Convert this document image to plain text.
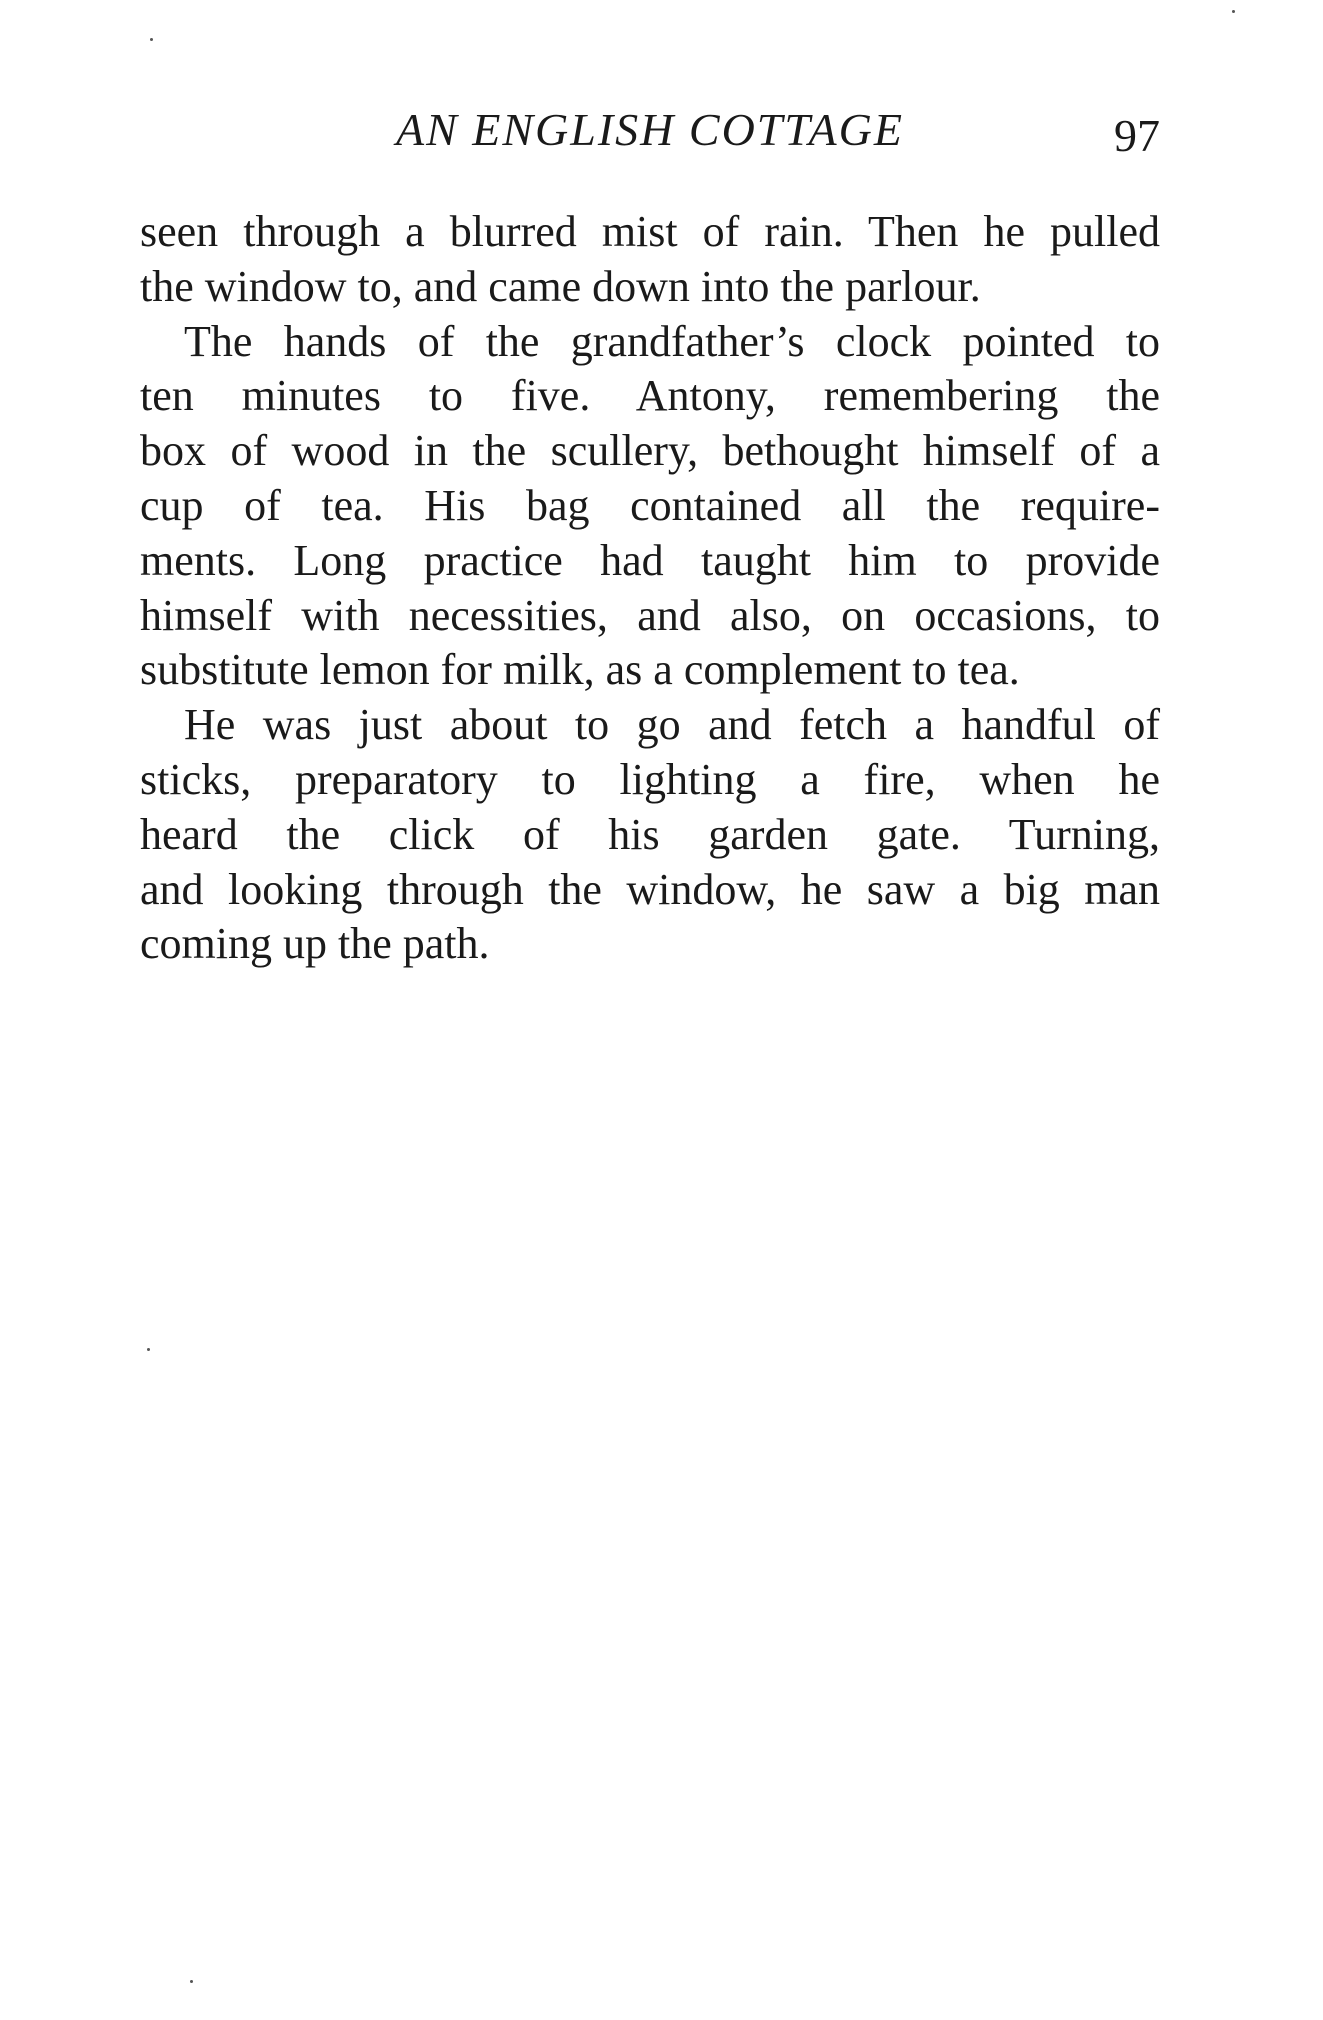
AN ENGLISH COTTAGE	97
seen through a blurred mist of rain. Then he pulled
the window to, and came down into the parlour.
The hands of the grandfather’s clock pointed to
ten minutes to five. Antony, remembering the
box of wood in the scullery, bethought himself of a
cup of tea. His bag contained all the require-
ments. Long practice had taught him to provide
himself with necessities, and also, on occasions, to
substitute lemon for milk, as a complement to tea.
He was just about to go and fetch a handful of
sticks, preparatory to lighting a fire, when he
heard the click of his garden gate. Turning,
and looking through the window, he saw a big man
coming up the path.
